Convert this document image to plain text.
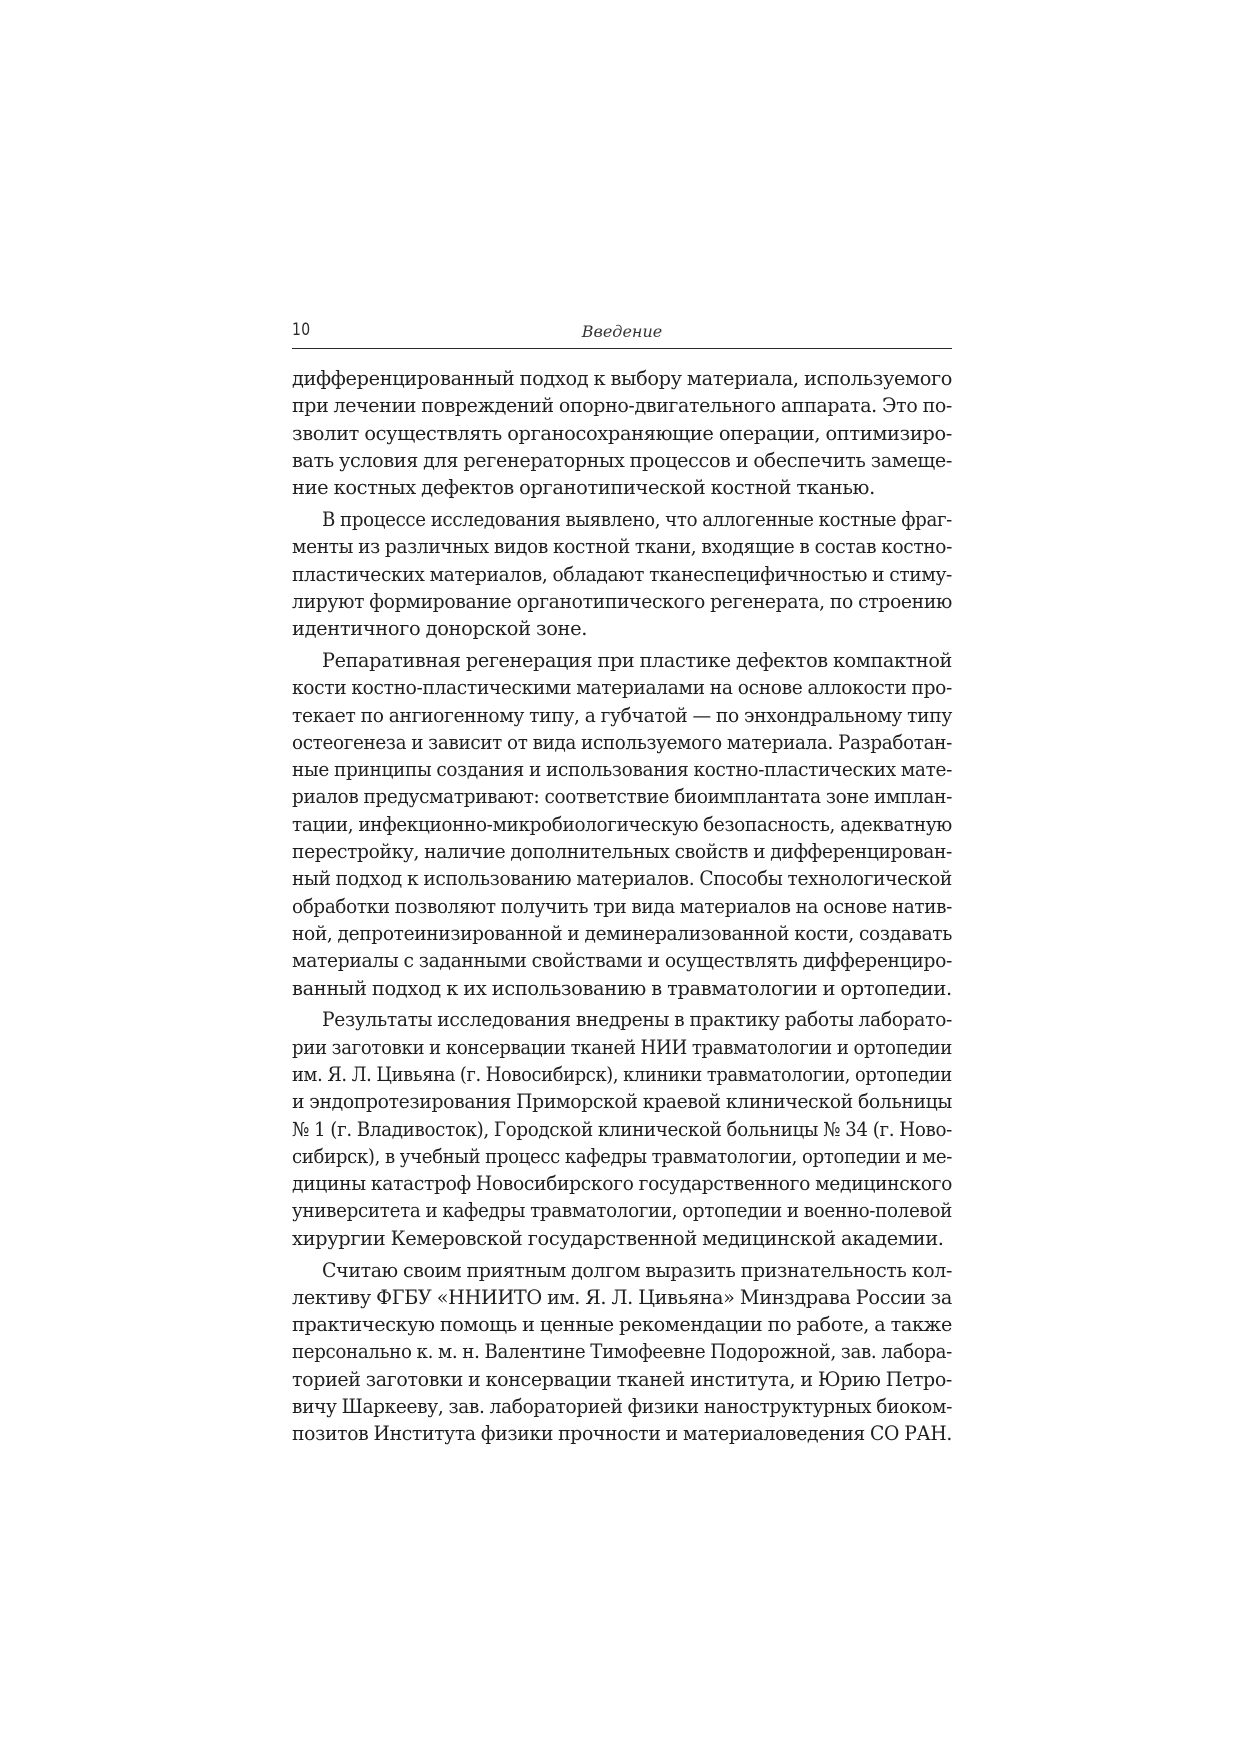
10	Введение
дифференцированный подход к выбору материала, используемого
при лечении повреждений опорно-двигательного аппарата. Это по-
зволит осуществлять органосохраняющие операции, оптимизиро-
вать условия для регенераторных процессов и обеспечить замеще-
ние костных дефектов органотипической костной тканью.
В процессе исследования выявлено, что аллогенные костные фраг-
менты из различных видов костной ткани, входящие в состав костно-
пластических материалов, обладают тканеспецифичностью и стиму-
лируют формирование органотипического регенерата, по строению
идентичного донорской зоне.
Репаративная регенерация при пластике дефектов компактной
кости костно-пластическими материалами на основе аллокости про-
текает по ангиогенному типу, а губчатой — по энхондральному типу
остеогенеза и зависит от вида используемого материала. Разработан-
ные принципы создания и использования костно-пластических мате-
риалов предусматривают: соответствие биоимплантата зоне имплан-
тации, инфекционно-микробиологическую безопасность, адекватную
перестройку, наличие дополнительных свойств и дифференцирован-
ный подход к использованию материалов. Способы технологической
обработки позволяют получить три вида материалов на основе натив-
ной, депротеинизированной и деминерализованной кости, создавать
материалы с заданными свойствами и осуществлять дифференциро-
ванный подход к их использованию в травматологии и ортопедии.
Результаты исследования внедрены в практику работы лаборато-
рии заготовки и консервации тканей НИИ травматологии и ортопедии
им. Я. Л. Цивьяна (г. Новосибирск), клиники травматологии, ортопедии
и эндопротезирования Приморской краевой клинической больницы
№ 1 (г. Владивосток), Городской клинической больницы № 34 (г. Ново-
сибирск), в учебный процесс кафедры травматологии, ортопедии и ме-
дицины катастроф Новосибирского государственного медицинского
университета и кафедры травматологии, ортопедии и военно-полевой
хирургии Кемеровской государственной медицинской академии.
Считаю своим приятным долгом выразить признательность кол-
лективу ФГБУ «ННИИТО им. Я. Л. Цивьяна» Минздрава России за
практическую помощь и ценные рекомендации по работе, а также
персонально к. м. н. Валентине Тимофеевне Подорожной, зав. лабора-
торией заготовки и консервации тканей института, и Юрию Петро-
вичу Шаркееву, зав. лабораторией физики наноструктурных биоком-
позитов Института физики прочности и материаловедения СО РАН.
